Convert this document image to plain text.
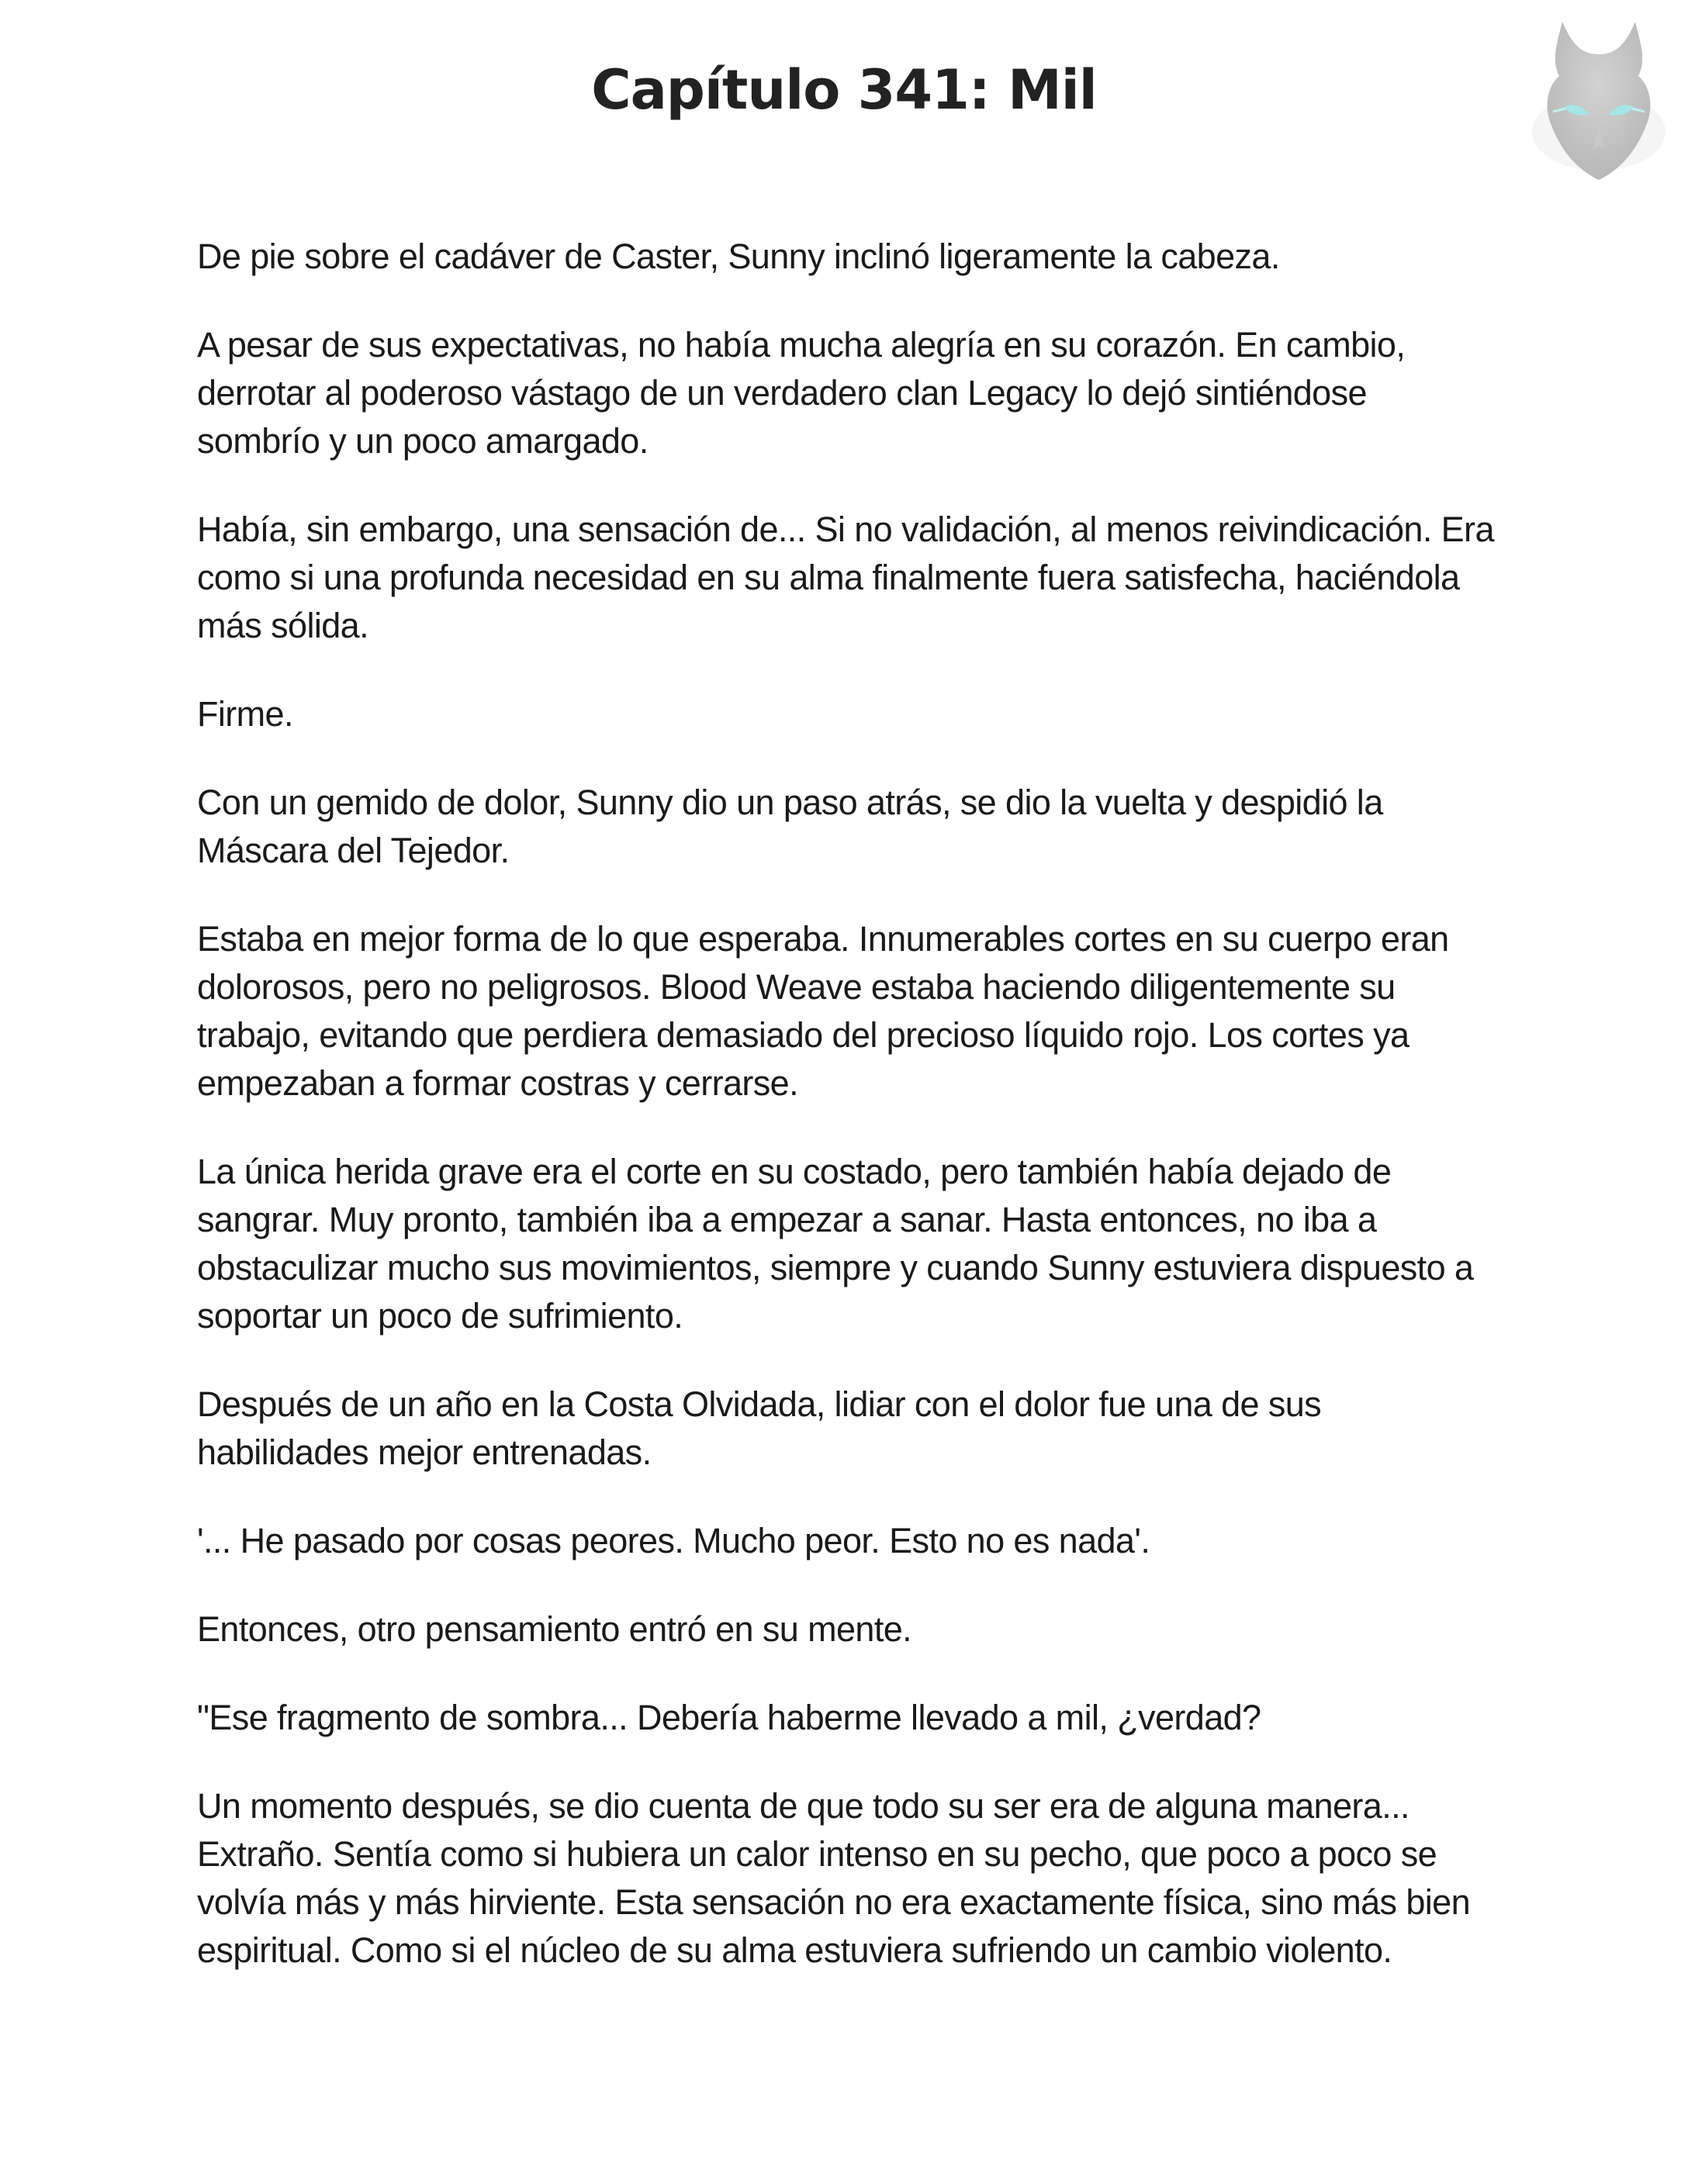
Capítulo 341: Mil

De pie sobre el cadáver de Caster, Sunny inclinó ligeramente la cabeza.

A pesar de sus expectativas, no había mucha alegría en su corazón. En cambio, derrotar al poderoso vástago de un verdadero clan Legacy lo dejó sintiéndose sombrío y un poco amargado.

Había, sin embargo, una sensación de... Si no validación, al menos reivindicación. Era como si una profunda necesidad en su alma finalmente fuera satisfecha, haciéndola más sólida.

Firme.

Con un gemido de dolor, Sunny dio un paso atrás, se dio la vuelta y despidió la Máscara del Tejedor.

Estaba en mejor forma de lo que esperaba. Innumerables cortes en su cuerpo eran dolorosos, pero no peligrosos. Blood Weave estaba haciendo diligentemente su trabajo, evitando que perdiera demasiado del precioso líquido rojo. Los cortes ya empezaban a formar costras y cerrarse.

La única herida grave era el corte en su costado, pero también había dejado de sangrar. Muy pronto, también iba a empezar a sanar. Hasta entonces, no iba a obstaculizar mucho sus movimientos, siempre y cuando Sunny estuviera dispuesto a soportar un poco de sufrimiento.

Después de un año en la Costa Olvidada, lidiar con el dolor fue una de sus habilidades mejor entrenadas.

'... He pasado por cosas peores. Mucho peor. Esto no es nada'.

Entonces, otro pensamiento entró en su mente.

"Ese fragmento de sombra... Debería haberme llevado a mil, ¿verdad?

Un momento después, se dio cuenta de que todo su ser era de alguna manera... Extraño. Sentía como si hubiera un calor intenso en su pecho, que poco a poco se volvía más y más hirviente. Esta sensación no era exactamente física, sino más bien espiritual. Como si el núcleo de su alma estuviera sufriendo un cambio violento.
